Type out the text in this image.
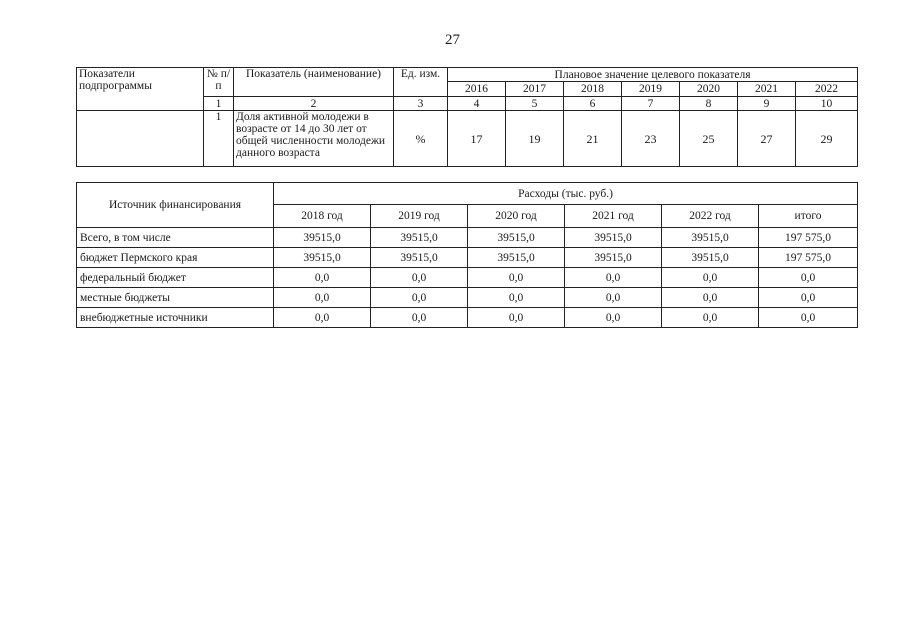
27
Показатели подпрограммы	№ п/п	Показатель (наименование)	Ед. изм.	Плановое значение целевого показателя						
				2016	2017	2018	2019	2020	2021	2022
	1	2	3	4	5	6	7	8	9	10
	1	Доля активной молодежи в возрасте от 14 до 30 лет от общей численности молодежи данного возраста	%	17	19	21	23	25	27	29
Источник финансирования	Расходы (тыс. руб.)					
	2018 год	2019 год	2020 год	2021 год	2022 год	итого
Всего, в том числе	39515,0	39515,0	39515,0	39515,0	39515,0	197 575,0
бюджет Пермского края	39515,0	39515,0	39515,0	39515,0	39515,0	197 575,0
федеральный бюджет	0,0	0,0	0,0	0,0	0,0	0,0
местные бюджеты	0,0	0,0	0,0	0,0	0,0	0,0
внебюджетные источники	0,0	0,0	0,0	0,0	0,0	0,0
